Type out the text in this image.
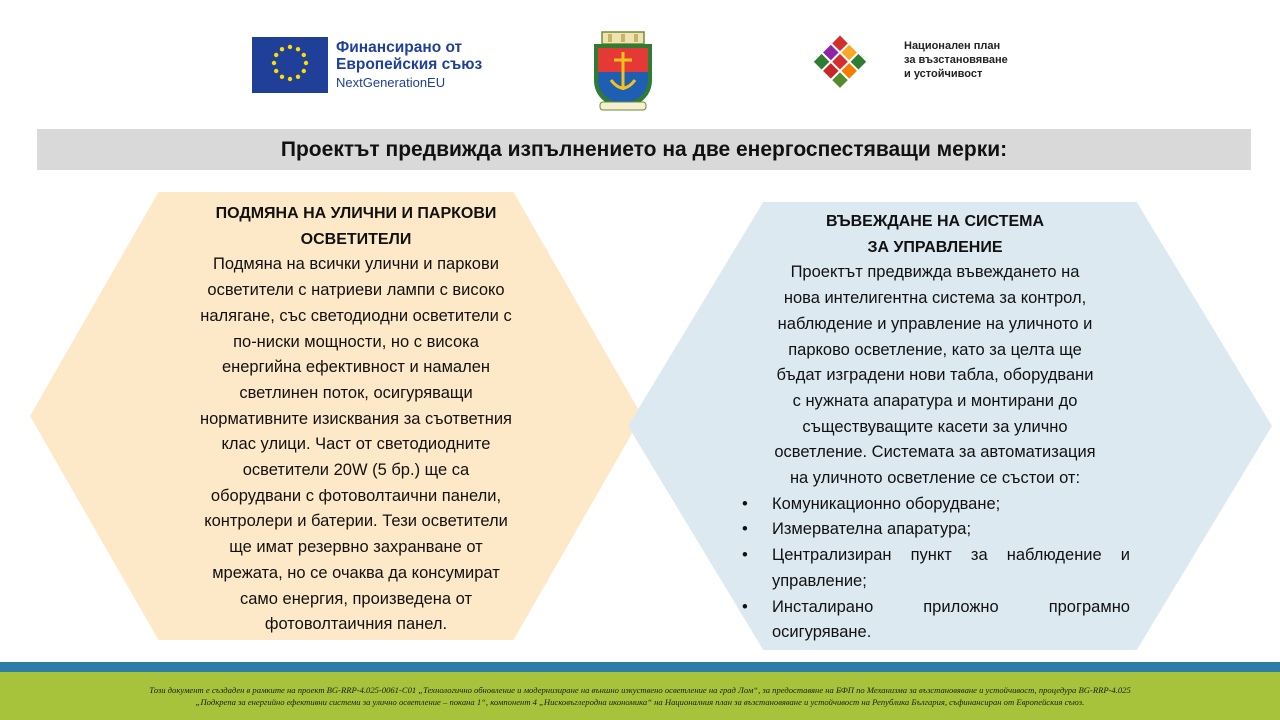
Финансирано от
Европейския съюз
NextGenerationEU
Национален план
за възстановяване
и устойчивост
Проектът предвижда изпълнението на две енергоспестяващи мерки:
ПОДМЯНА НА УЛИЧНИ И ПАРКОВИ
ОСВЕТИТЕЛИ
Подмяна на всички улични и паркови
осветители с натриеви лампи с високо
налягане, със светодиодни осветители с
по-ниски мощности, но с висока
енергийна ефективност и намален
светлинен поток, осигуряващи
нормативните изисквания за съответния
клас улици. Част от светодиодните
осветители 20W (5 бр.) ще са
оборудвани с фотоволтаични панели,
контролери и батерии. Тези осветители
ще имат резервно захранване от
мрежата, но се очаква да консумират
само енергия, произведена от
фотоволтаичния панел.
ВЪВЕЖДАНЕ НА СИСТЕМА
ЗА УПРАВЛЕНИЕ
Проектът предвижда въвеждането на
нова интелигентна система за контрол,
наблюдение и управление на уличното и
парково осветление, като за целта ще
бъдат изградени нови табла, оборудвани
с нужната апаратура и монтирани до
съществуващите касети за улично
осветление. Системата за автоматизация
на уличното осветление се състои от:
• Комуникационно оборудване;
• Измервателна апаратура;
• Централизиран пункт за наблюдение и управление;
• Инсталирано приложно програмно осигуряване.
Този документ е създаден в рамките на проект BG-RRP-4.025-0061-C01 „Технологично обновление и модернизиране на външно изкуствено осветление на град Лом“, за предоставяне на БФП по Механизма за възстановяване и устойчивост, процедура BG-RRP-4.025
„Подкрепа за енергийно ефективни системи за улично осветление – покана 1“, компонент 4 „Нисковъглеродна икономика“ на Националния план за възстановяване и устойчивост на Република България, съфинансиран от Европейския съюз.
